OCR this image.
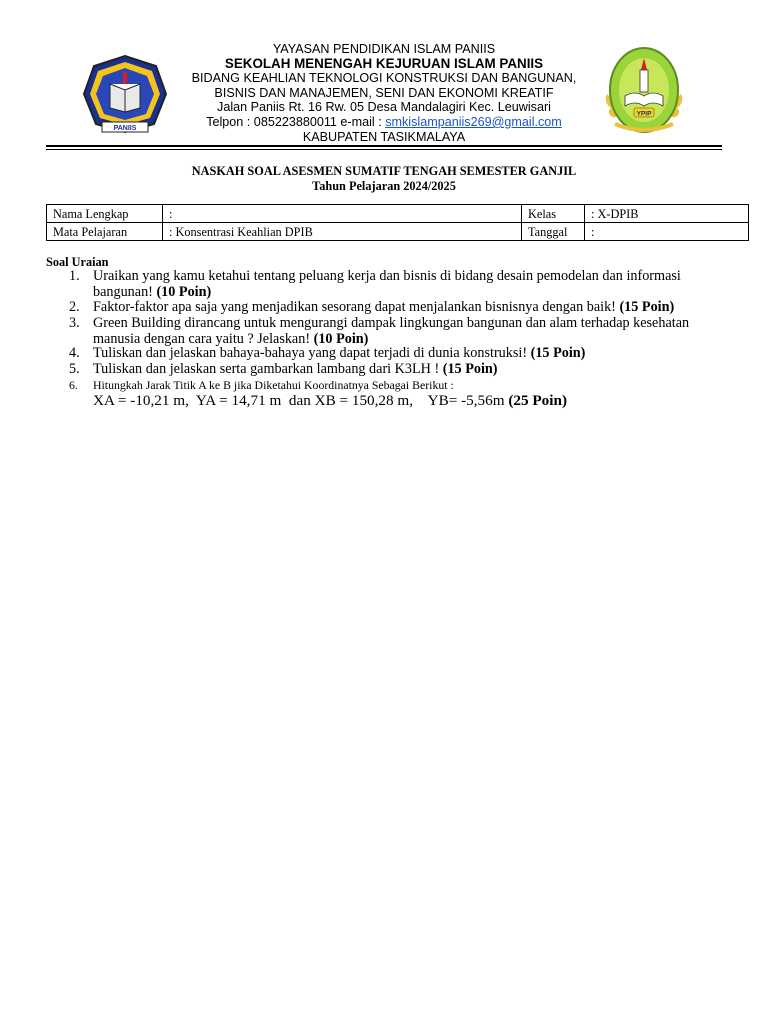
PANIIS
YPIP
YAYASAN PENDIDIKAN ISLAM PANIIS
SEKOLAH MENENGAH KEJURUAN ISLAM PANIIS
BIDANG KEAHLIAN TEKNOLOGI KONSTRUKSI DAN BANGUNAN,
BISNIS DAN MANAJEMEN, SENI DAN EKONOMI KREATIF
Jalan Paniis Rt. 16 Rw. 05 Desa Mandalagiri Kec. Leuwisari
Telpon : 085223880011 e-mail : smkislampaniis269@gmail.com
KABUPATEN TASIKMALAYA
NASKAH SOAL ASESMEN SUMATIF TENGAH SEMESTER GANJIL
Tahun Pelajaran 2024/2025
Nama Lengkap	:	Kelas	: X-DPIB
Mata Pelajaran	: Konsentrasi Keahlian DPIB	Tanggal	:
Soal Uraian
1. Uraikan yang kamu ketahui tentang peluang kerja dan bisnis di bidang desain pemodelan dan informasi bangunan! (10 Poin)
2. Faktor-faktor apa saja yang menjadikan sesorang dapat menjalankan bisnisnya dengan baik! (15 Poin)
3. Green Building dirancang untuk mengurangi dampak lingkungan bangunan dan alam terhadap kesehatan manusia dengan cara yaitu ? Jelaskan! (10 Poin)
4. Tuliskan dan jelaskan bahaya-bahaya yang dapat terjadi di dunia konstruksi! (15 Poin)
5. Tuliskan dan jelaskan serta gambarkan lambang dari K3LH ! (15 Poin)
6.	Hitungkah Jarak Titik A ke B jika Diketahui Koordinatnya Sebagai Berikut :
XA = -10,21 m,  YA = 14,71 m  dan XB = 150,28 m,    YB= -5,56m (25 Poin)
